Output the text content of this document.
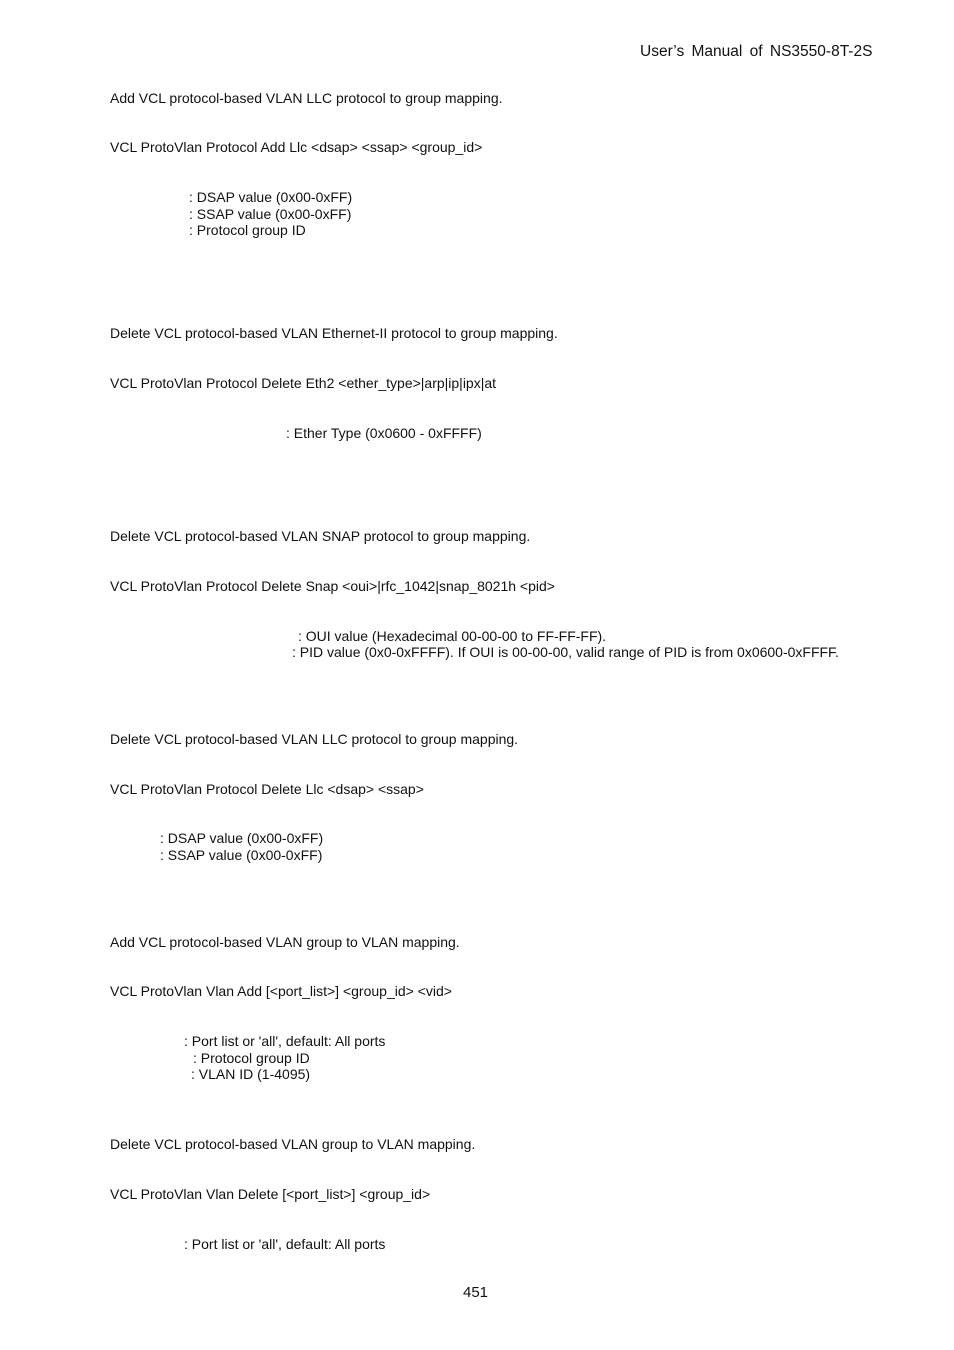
User’s Manual of NS3550-8T-2S
Add VCL protocol-based VLAN LLC protocol to group mapping.
VCL ProtoVlan Protocol Add Llc <dsap> <ssap> <group_id>
: DSAP value (0x00-0xFF)
: SSAP value (0x00-0xFF)
: Protocol group ID
Delete VCL protocol-based VLAN Ethernet-II protocol to group mapping.
VCL ProtoVlan Protocol Delete Eth2 <ether_type>|arp|ip|ipx|at
: Ether Type (0x0600 - 0xFFFF)
Delete VCL protocol-based VLAN SNAP protocol to group mapping.
VCL ProtoVlan Protocol Delete Snap <oui>|rfc_1042|snap_8021h <pid>
: OUI value (Hexadecimal 00-00-00 to FF-FF-FF).
: PID value (0x0-0xFFFF). If OUI is 00-00-00, valid range of PID is from 0x0600-0xFFFF.
Delete VCL protocol-based VLAN LLC protocol to group mapping.
VCL ProtoVlan Protocol Delete Llc <dsap> <ssap>
: DSAP value (0x00-0xFF)
: SSAP value (0x00-0xFF)
Add VCL protocol-based VLAN group to VLAN mapping.
VCL ProtoVlan Vlan Add [<port_list>] <group_id> <vid>
: Port list or 'all', default: All ports
: Protocol group ID
: VLAN ID (1-4095)
Delete VCL protocol-based VLAN group to VLAN mapping.
VCL ProtoVlan Vlan Delete [<port_list>] <group_id>
: Port list or 'all', default: All ports
451
